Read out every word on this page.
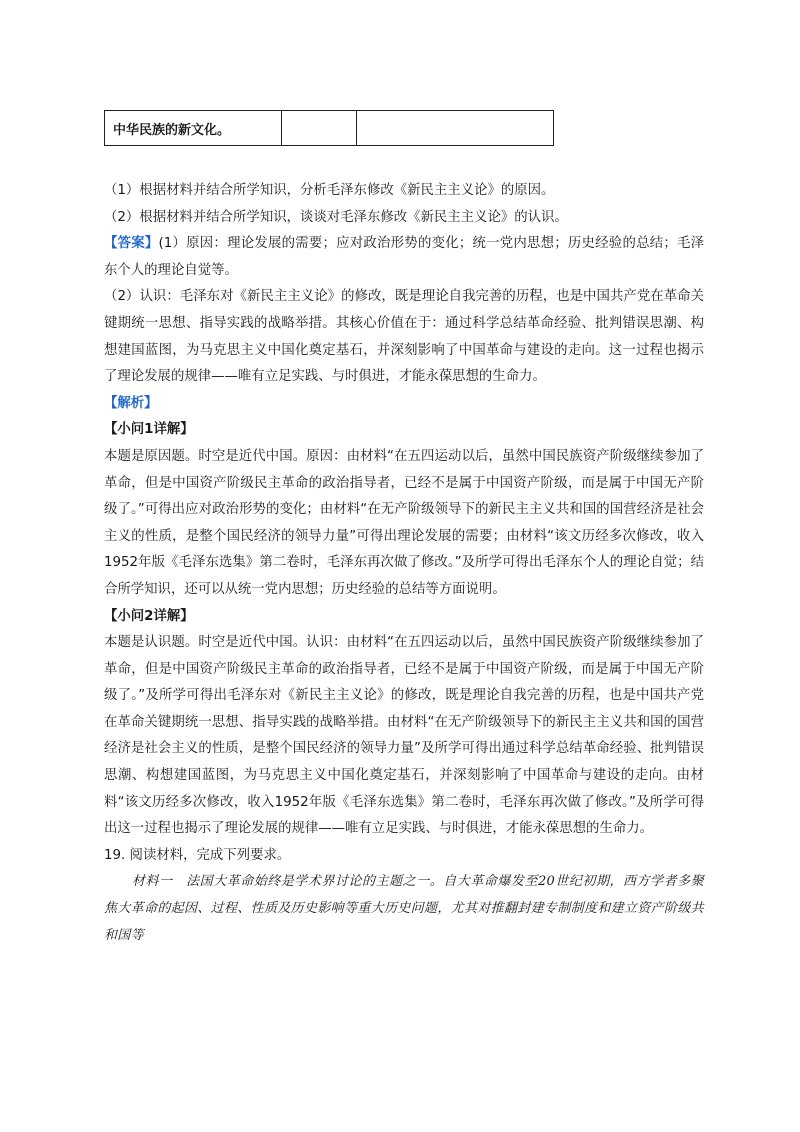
中华民族的新文化。		

（1）根据材料并结合所学知识，分析毛泽东修改《新民主主义论》的原因。

（2）根据材料并结合所学知识，谈谈对毛泽东修改《新民主主义论》的认识。

【答案】(1）原因：理论发展的需要；应对政治形势的变化；统一党内思想；历史经验的总结；毛泽东个人的理论自觉等。

（2）认识：毛泽东对《新民主主义论》的修改，既是理论自我完善的历程，也是中国共产党在革命关键期统一思想、指导实践的战略举措。其核心价值在于：通过科学总结革命经验、批判错误思潮、构想建国蓝图，为马克思主义中国化奠定基石，并深刻影响了中国革命与建设的走向。这一过程也揭示了理论发展的规律——唯有立足实践、与时俱进，才能永葆思想的生命力。

【解析】

【小问1详解】

本题是原因题。时空是近代中国。原因：由材料“在五四运动以后，虽然中国民族资产阶级继续参加了革命，但是中国资产阶级民主革命的政治指导者，已经不是属于中国资产阶级，而是属于中国无产阶级了。”可得出应对政治形势的变化；由材料“在无产阶级领导下的新民主主义共和国的国营经济是社会主义的性质，是整个国民经济的领导力量”可得出理论发展的需要；由材料“该文历经多次修改，收入1952年版《毛泽东选集》第二卷时，毛泽东再次做了修改。”及所学可得出毛泽东个人的理论自觉；结合所学知识，还可以从统一党内思想；历史经验的总结等方面说明。

【小问2详解】

本题是认识题。时空是近代中国。认识：由材料“在五四运动以后，虽然中国民族资产阶级继续参加了革命，但是中国资产阶级民主革命的政治指导者，已经不是属于中国资产阶级，而是属于中国无产阶级了。”及所学可得出毛泽东对《新民主主义论》的修改，既是理论自我完善的历程，也是中国共产党在革命关键期统一思想、指导实践的战略举措。由材料“在无产阶级领导下的新民主主义共和国的国营经济是社会主义的性质，是整个国民经济的领导力量”及所学可得出通过科学总结革命经验、批判错误思潮、构想建国蓝图，为马克思主义中国化奠定基石，并深刻影响了中国革命与建设的走向。由材料“该文历经多次修改，收入1952年版《毛泽东选集》第二卷时，毛泽东再次做了修改。”及所学可得出这一过程也揭示了理论发展的规律——唯有立足实践、与时俱进，才能永葆思想的生命力。

19. 阅读材料，完成下列要求。

材料一　法国大革命始终是学术界讨论的主题之一。自大革命爆发至20世纪初期，西方学者多聚焦大革命的起因、过程、性质及历史影响等重大历史问题，尤其对推翻封建专制制度和建立资产阶级共和国等
